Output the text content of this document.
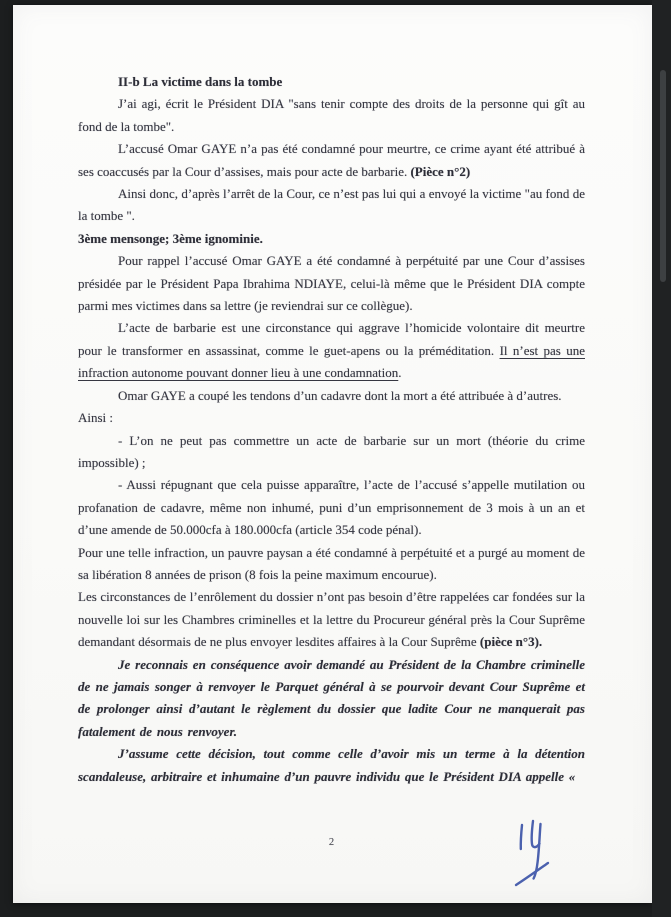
II-b La victime dans la tombe

J’ai agi, écrit le Président DIA "sans tenir compte des droits de la personne qui gît au fond de la tombe".

L’accusé Omar GAYE n’a pas été condamné pour meurtre, ce crime ayant été attribué à ses coaccusés par la Cour d’assises, mais pour acte de barbarie. (Pièce n°2)

Ainsi donc, d’après l’arrêt de la Cour, ce n’est pas lui qui a envoyé la victime "au fond de la tombe ".

3ème mensonge; 3ème ignominie.

Pour rappel l’accusé Omar GAYE a été condamné à perpétuité par une Cour d’assises présidée par le Président Papa Ibrahima NDIAYE, celui-là même que le Président DIA compte parmi mes victimes dans sa lettre (je reviendrai sur ce collègue).

L’acte de barbarie est une circonstance qui aggrave l’homicide volontaire dit meurtre pour le transformer en assassinat, comme le guet-apens ou la préméditation. Il n’est pas une infraction autonome pouvant donner lieu à une condamnation.

Omar GAYE a coupé les tendons d’un cadavre dont la mort a été attribuée à d’autres.

Ainsi :

- L’on ne peut pas commettre un acte de barbarie sur un mort (théorie du crime impossible) ;

- Aussi répugnant que cela puisse apparaître, l’acte de l’accusé s’appelle mutilation ou profanation de cadavre, même non inhumé, puni d’un emprisonnement de 3 mois à un an et d’une amende de 50.000cfa à 180.000cfa (article 354 code pénal).

Pour une telle infraction, un pauvre paysan a été condamné à perpétuité et a purgé au moment de sa libération 8 années de prison (8 fois la peine maximum encourue).

Les circonstances de l’enrôlement du dossier n’ont pas besoin d’être rappelées car fondées sur la nouvelle loi sur les Chambres criminelles et la lettre du Procureur général près la Cour Suprême demandant désormais de ne plus envoyer lesdites affaires à la Cour Suprême (pièce n°3).

Je reconnais en conséquence avoir demandé au Président de la Chambre criminelle de ne jamais songer à renvoyer le Parquet général à se pourvoir devant Cour Suprême et de prolonger ainsi d’autant le règlement du dossier que ladite Cour ne manquerait pas fatalement de nous renvoyer.

J’assume cette décision, tout comme celle d’avoir mis un terme à la détention scandaleuse, arbitraire et inhumaine d’un pauvre individu que le Président DIA appelle «

2
